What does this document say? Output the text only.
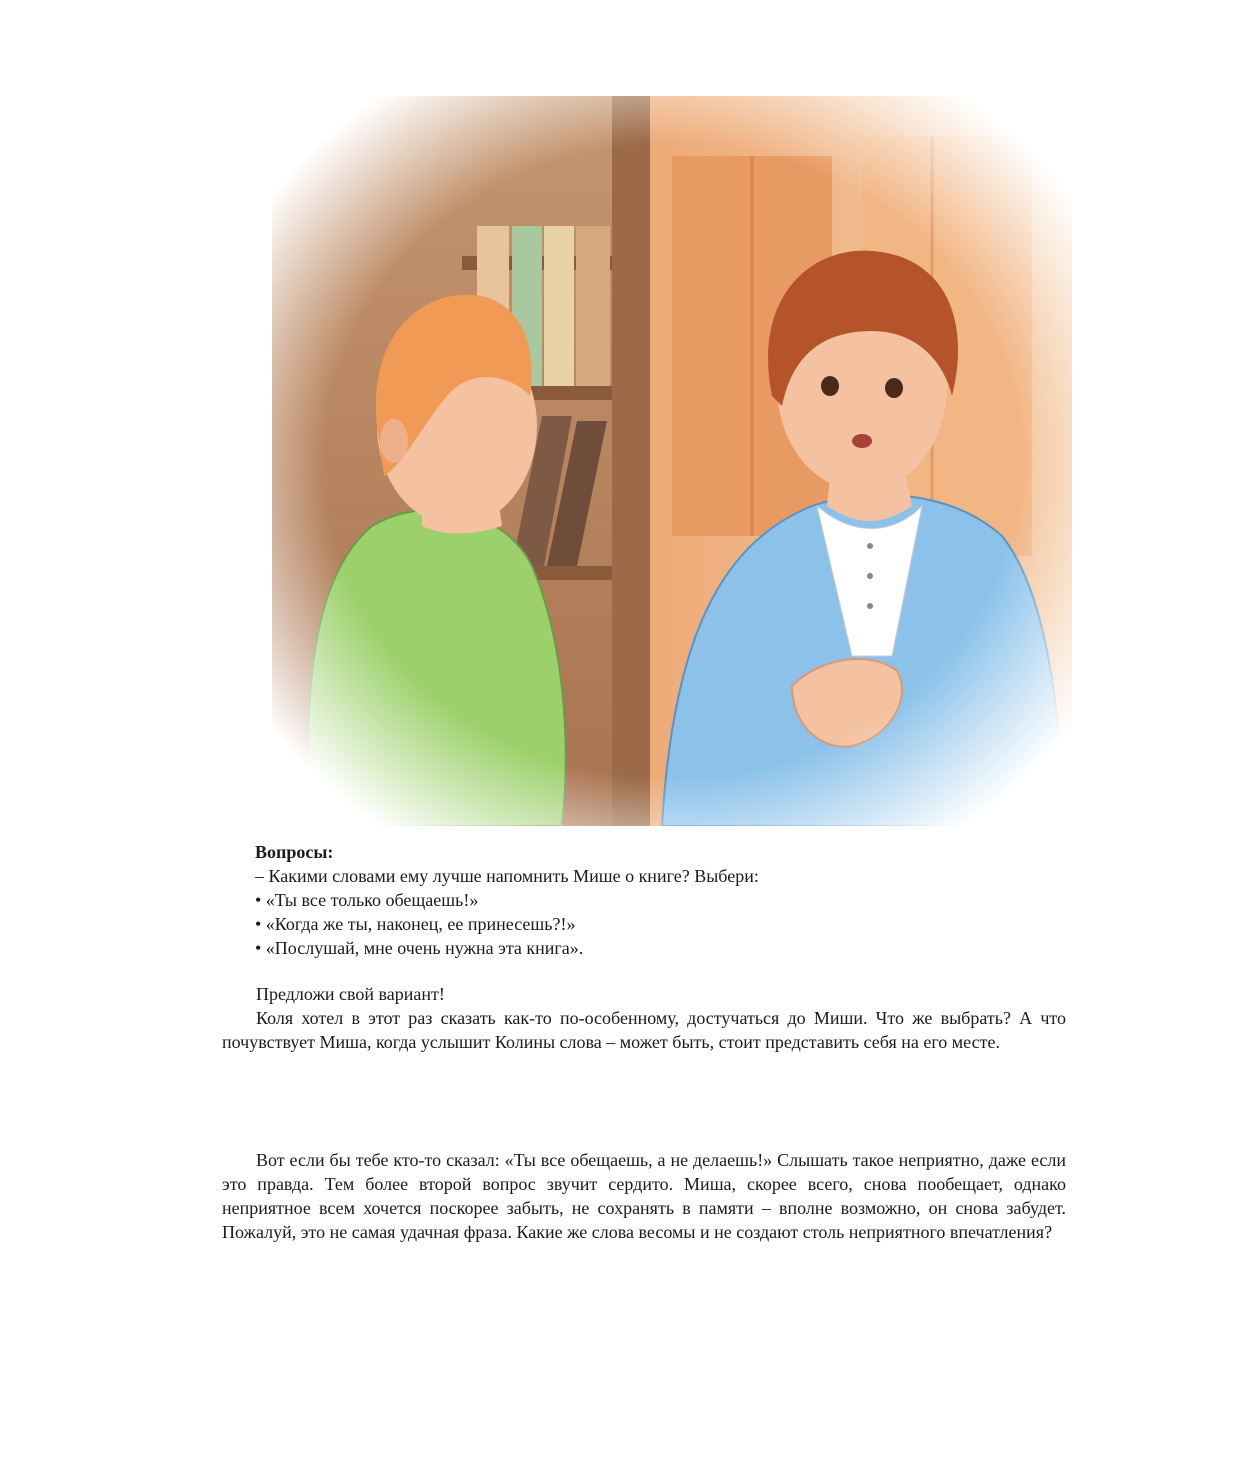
Вопросы:

– Какими словами ему лучше напомнить Мише о книге? Выбери:

• «Ты все только обещаешь!»

• «Когда же ты, наконец, ее принесешь?!»

• «Послушай, мне очень нужна эта книга».

Предложи свой вариант!

Коля хотел в этот раз сказать как-то по-особенному, достучаться до Миши. Что же выбрать? А что почувствует Миша, когда услышит Колины слова – может быть, стоит представить себя на его месте.

Вот если бы тебе кто-то сказал: «Ты все обещаешь, а не делаешь!» Слышать такое неприятно, даже если это правда. Тем более второй вопрос звучит сердито. Миша, скорее всего, снова пообещает, однако неприятное всем хочется поскорее забыть, не сохранять в памяти – вполне возможно, он снова забудет. Пожалуй, это не самая удачная фраза. Какие же слова весомы и не создают столь неприятного впечатления?
